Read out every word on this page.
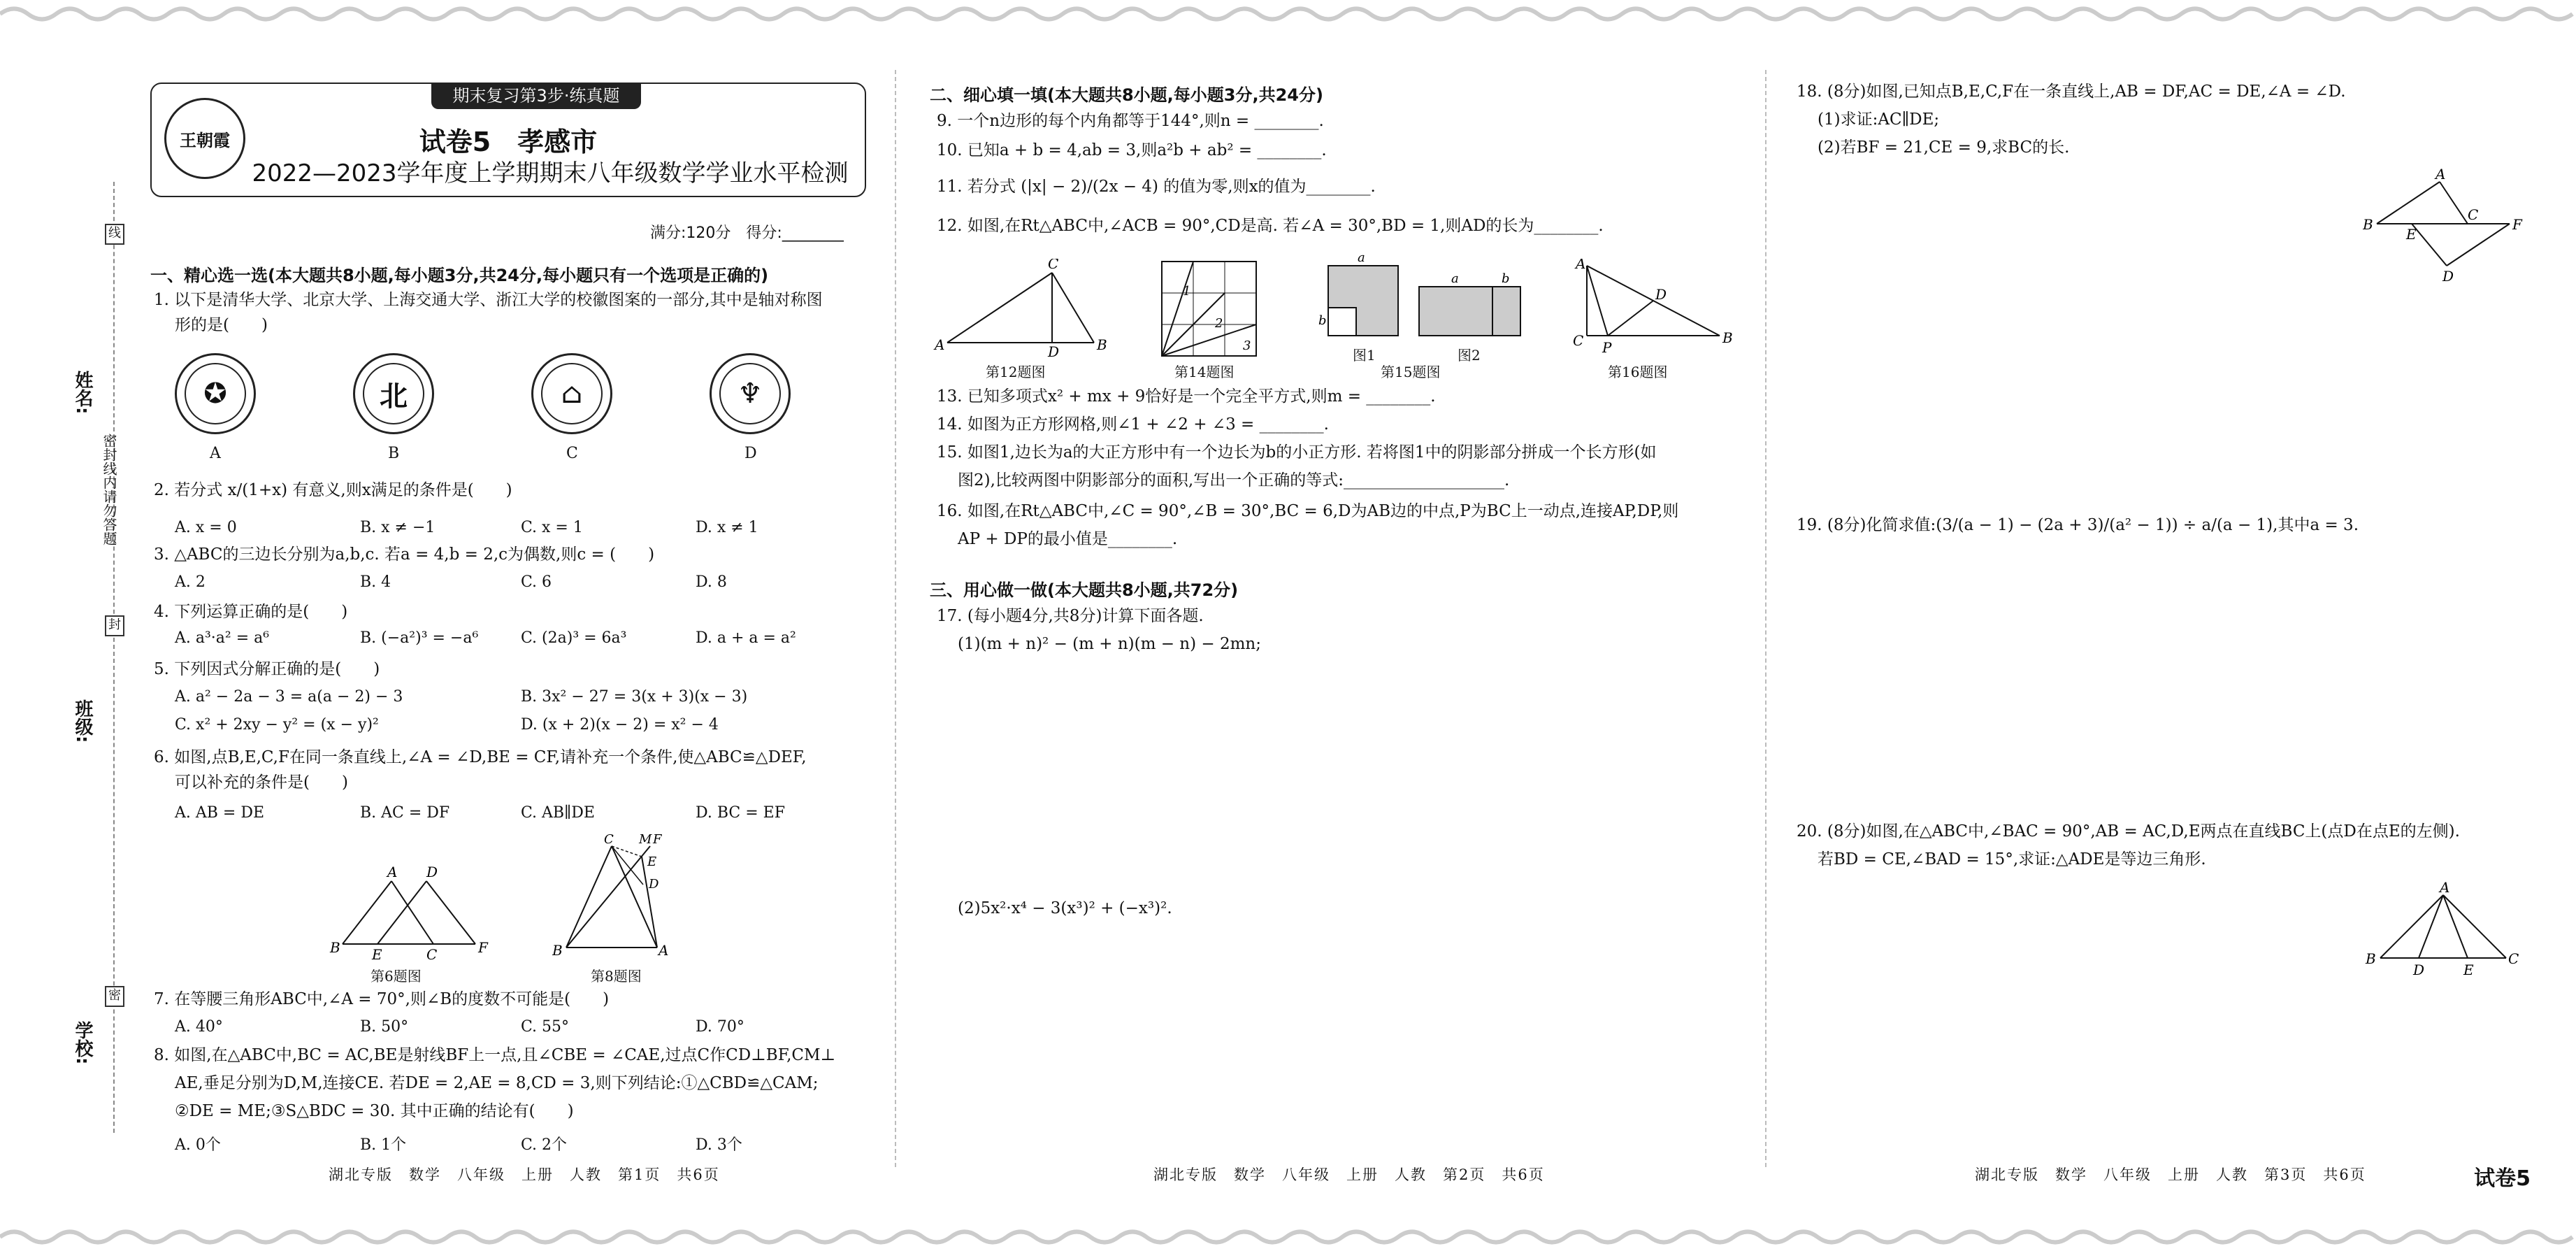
姓名:
班级:
学校:
密封线内请勿答题
线
封
密
期末复习第3步·练真题
王朝霞	试卷5　孝感市
2022—2023学年度上学期期末八年级数学学业水平检测
满分:120分　得分:________
一、精心选一选(本大题共8小题,每小题3分,共24分,每小题只有一个选项是正确的)
1. 以下是清华大学、北京大学、上海交通大学、浙江大学的校徽图案的一部分,其中是轴对称图
形的是(　　)
✪	北	⌂	♆
A	B	C	D
2. 若分式 x/(1+x) 有意义,则x满足的条件是(　　)
A. x = 0	B. x ≠ −1	C. x = 1	D. x ≠ 1
3. △ABC的三边长分别为a,b,c. 若a = 4,b = 2,c为偶数,则c = (　　)
A. 2	B. 4	C. 6	D. 8
4. 下列运算正确的是(　　)
A. a³·a² = a⁶	B. (−a²)³ = −a⁶	C. (2a)³ = 6a³	D. a + a = a²
5. 下列因式分解正确的是(　　)
A. a² − 2a − 3 = a(a − 2) − 3	B. 3x² − 27 = 3(x + 3)(x − 3)
C. x² + 2xy − y² = (x − y)²	D. (x + 2)(x − 2) = x² − 4
6. 如图,点B,E,C,F在同一条直线上,∠A = ∠D,BE = CF,请补充一个条件,使△ABC≌△DEF,
可以补充的条件是(　　)
A. AB = DE	B. AC = DF	C. AB∥DE	D. BC = EF
A D
B E	C	F
第6题图
C M F
E
D
B	A
第8题图
7. 在等腰三角形ABC中,∠A = 70°,则∠B的度数不可能是(　　)
A. 40°	B. 50°	C. 55°	D. 70°
8. 如图,在△ABC中,BC = AC,BE是射线BF上一点,且∠CBE = ∠CAE,过点C作CD⊥BF,CM⊥
AE,垂足分别为D,M,连接CE. 若DE = 2,AE = 8,CD = 3,则下列结论:①△CBD≌△CAM;
②DE = ME;③S△BDC = 30. 其中正确的结论有(　　)
A. 0个	B. 1个	C. 2个	D. 3个
湖北专版　数学　八年级　上册　人教　第1页　共6页
二、细心填一填(本大题共8小题,每小题3分,共24分)
9. 一个n边形的每个内角都等于144°,则n = ________.
10. 已知a + b = 4,ab = 3,则a²b + ab² = ________.
11. 若分式 (|x| − 2)/(2x − 4) 的值为零,则x的值为________.
12. 如图,在Rt△ABC中,∠ACB = 90°,CD是高. 若∠A = 30°,BD = 1,则AD的长为________.
C
A	D	B
1
2
3
a
b
a	b
图1	图2
A
D
C P
B
第12题图	第14题图	第15题图	第16题图
13. 已知多项式x² + mx + 9恰好是一个完全平方式,则m = ________.
14. 如图为正方形网格,则∠1 + ∠2 + ∠3 = ________.
15. 如图1,边长为a的大正方形中有一个边长为b的小正方形. 若将图1中的阴影部分拼成一个长方形(如
图2),比较两图中阴影部分的面积,写出一个正确的等式:____________________.
16. 如图,在Rt△ABC中,∠C = 90°,∠B = 30°,BC = 6,D为AB边的中点,P为BC上一动点,连接AP,DP,则
AP + DP的最小值是________.
三、用心做一做(本大题共8小题,共72分)
17. (每小题4分,共8分)计算下面各题.
(1)(m + n)² − (m + n)(m − n) − 2mn;
(2)5x²·x⁴ − 3(x³)² + (−x³)².
湖北专版　数学　八年级　上册　人教　第2页　共6页
18. (8分)如图,已知点B,E,C,F在一条直线上,AB = DF,AC = DE,∠A = ∠D.
(1)求证:AC∥DE;
(2)若BF = 21,CE = 9,求BC的长.
A
B
E
C
F
D
19. (8分)化简求值:(3/(a − 1) − (2a + 3)/(a² − 1)) ÷ a/(a − 1),其中a = 3.
20. (8分)如图,在△ABC中,∠BAC = 90°,AB = AC,D,E两点在直线BC上(点D在点E的左侧).
若BD = CE,∠BAD = 15°,求证:△ADE是等边三角形.
A
B
D	E
C
湖北专版　数学　八年级　上册　人教　第3页　共6页	试卷5
